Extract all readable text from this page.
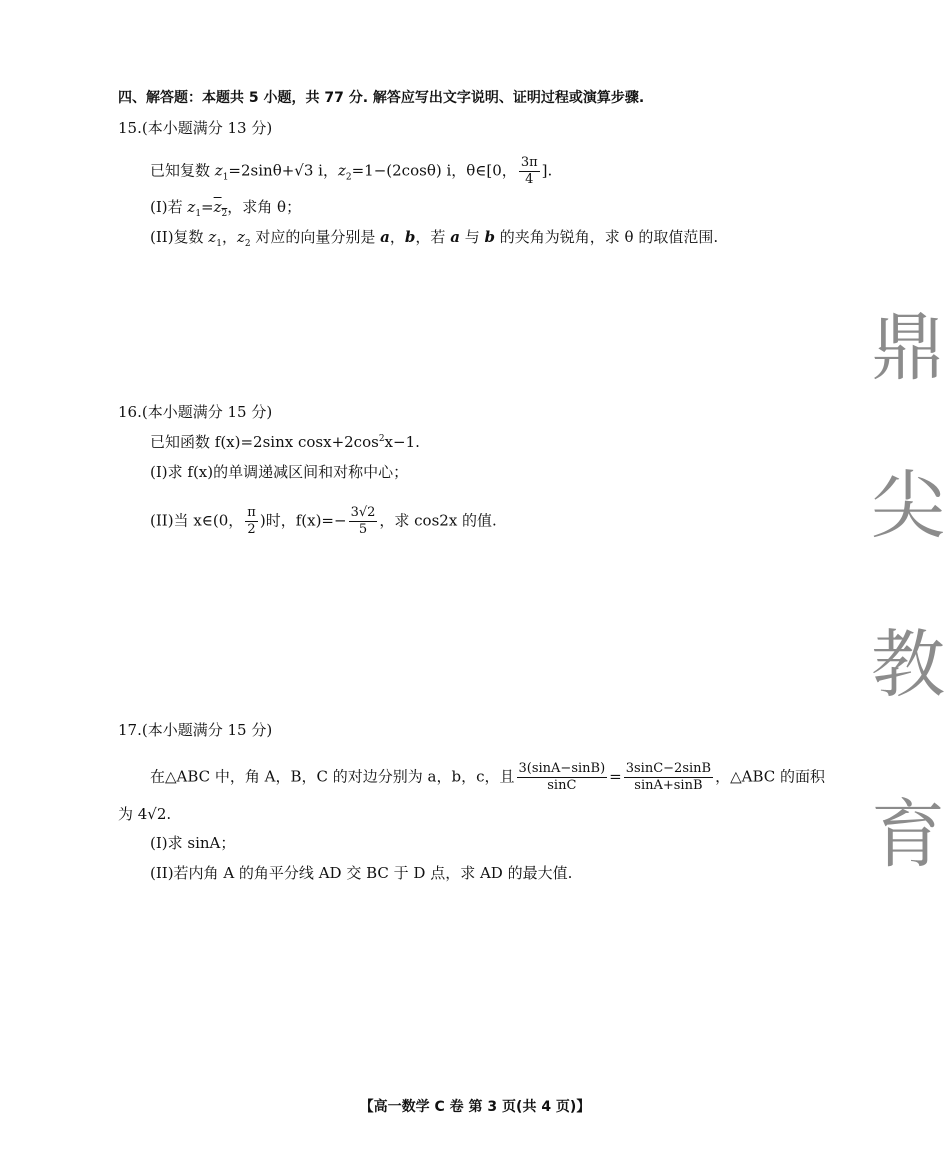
四、解答题：本题共 5 小题，共 77 分. 解答应写出文字说明、证明过程或演算步骤.
15.(本小题满分 13 分)
已知复数 $z_1=2\sin\theta+√3$ i，$z_2=1-(2\cos\theta)$ i，θ∈[0， $\frac{3\pi}{4}$ ].
(I)若 $z_1=z_2$，求角 θ；
(II)复数 $z_1$，$z_2$ 对应的向量分别是 a，b，若 a 与 b 的夹角为锐角，求 θ 的取值范围.
16.(本小题满分 15 分)
已知函数 f(x)=2sinx $\cos x+2\cos^2x-1$.
(I)求 f(x)的单调递减区间和对称中心；
(II)当 x∈(0， $\frac{\pi}{2}$ )时，$f(x)=- \frac{3√2}{5}$ ，求 cos2x 的值.
17.(本小题满分 15 分)
在△ABC 中，角 A，B，C 的对边分别为 a，b，c，且 $\frac{3(\sin A-\sin B)}{\sin C} = \frac{3\sin C-2\sin B}{\sin A+\sin B}$ ，△ABC 的面积
为 4√2.
(I)求 sinA；
(II)若内角 A 的角平分线 AD 交 BC 于 D 点，求 AD 的最大值.
鼎
尖
教
育
【高一数学 C 卷 第 3 页(共 4 页)】
